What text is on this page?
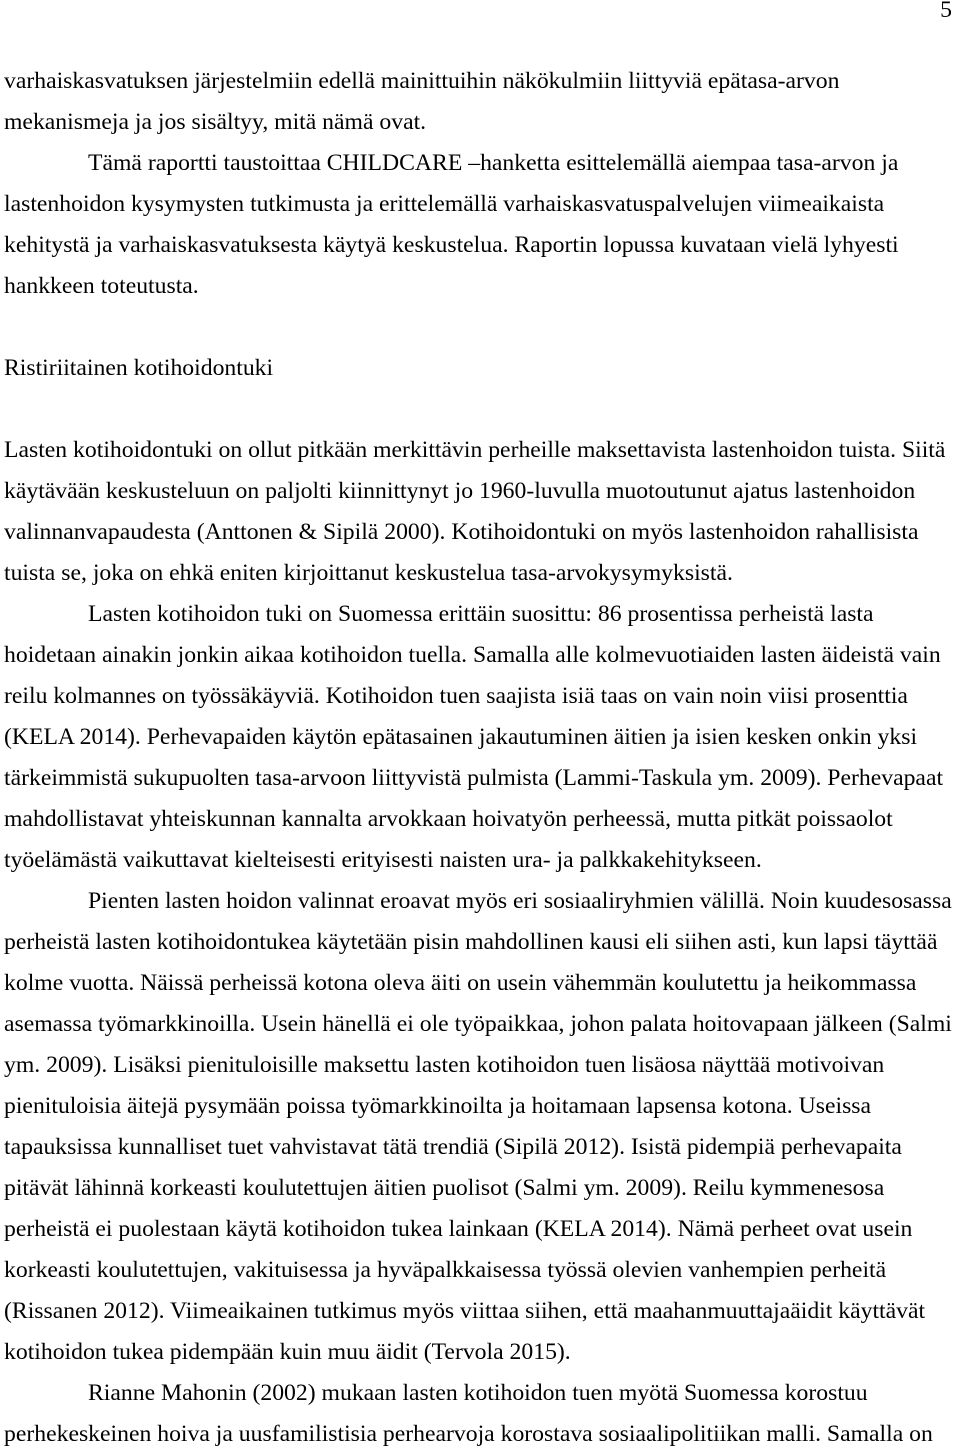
5
varhaiskasvatuksen järjestelmiin edellä mainittuihin näkökulmiin liittyviä epätasa-arvon
mekanismeja ja jos sisältyy, mitä nämä ovat.
Tämä raportti taustoittaa CHILDCARE –hanketta esittelemällä aiempaa tasa-arvon ja
lastenhoidon kysymysten tutkimusta ja erittelemällä varhaiskasvatuspalvelujen viimeaikaista
kehitystä ja varhaiskasvatuksesta käytyä keskustelua. Raportin lopussa kuvataan vielä lyhyesti
hankkeen toteutusta.
Ristiriitainen kotihoidontuki
Lasten kotihoidontuki on ollut pitkään merkittävin perheille maksettavista lastenhoidon tuista. Siitä
käytävään keskusteluun on paljolti kiinnittynyt jo 1960-luvulla muotoutunut ajatus lastenhoidon
valinnanvapaudesta (Anttonen & Sipilä 2000). Kotihoidontuki on myös lastenhoidon rahallisista
tuista se, joka on ehkä eniten kirjoittanut keskustelua tasa-arvokysymyksistä.
Lasten kotihoidon tuki on Suomessa erittäin suosittu: 86 prosentissa perheistä lasta
hoidetaan ainakin jonkin aikaa kotihoidon tuella. Samalla alle kolmevuotiaiden lasten äideistä vain
reilu kolmannes on työssäkäyviä. Kotihoidon tuen saajista isiä taas on vain noin viisi prosenttia
(KELA 2014). Perhevapaiden käytön epätasainen jakautuminen äitien ja isien kesken onkin yksi
tärkeimmistä sukupuolten tasa-arvoon liittyvistä pulmista (Lammi-Taskula ym. 2009). Perhevapaat
mahdollistavat yhteiskunnan kannalta arvokkaan hoivatyön perheessä, mutta pitkät poissaolot
työelämästä vaikuttavat kielteisesti erityisesti naisten ura- ja palkkakehitykseen.
Pienten lasten hoidon valinnat eroavat myös eri sosiaaliryhmien välillä. Noin kuudesosassa
perheistä lasten kotihoidontukea käytetään pisin mahdollinen kausi eli siihen asti, kun lapsi täyttää
kolme vuotta. Näissä perheissä kotona oleva äiti on usein vähemmän koulutettu ja heikommassa
asemassa työmarkkinoilla. Usein hänellä ei ole työpaikkaa, johon palata hoitovapaan jälkeen (Salmi
ym. 2009). Lisäksi pienituloisille maksettu lasten kotihoidon tuen lisäosa näyttää motivoivan
pienituloisia äitejä pysymään poissa työmarkkinoilta ja hoitamaan lapsensa kotona. Useissa
tapauksissa kunnalliset tuet vahvistavat tätä trendiä (Sipilä 2012). Isistä pidempiä perhevapaita
pitävät lähinnä korkeasti koulutettujen äitien puolisot (Salmi ym. 2009). Reilu kymmenesosa
perheistä ei puolestaan käytä kotihoidon tukea lainkaan (KELA 2014). Nämä perheet ovat usein
korkeasti koulutettujen, vakituisessa ja hyväpalkkaisessa työssä olevien vanhempien perheitä
(Rissanen 2012). Viimeaikainen tutkimus myös viittaa siihen, että maahanmuuttajaäidit käyttävät
kotihoidon tukea pidempään kuin muu äidit (Tervola 2015).
Rianne Mahonin (2002) mukaan lasten kotihoidon tuen myötä Suomessa korostuu
perhekeskeinen hoiva ja uusfamilistisia perhearvoja korostava sosiaalipolitiikan malli. Samalla on
